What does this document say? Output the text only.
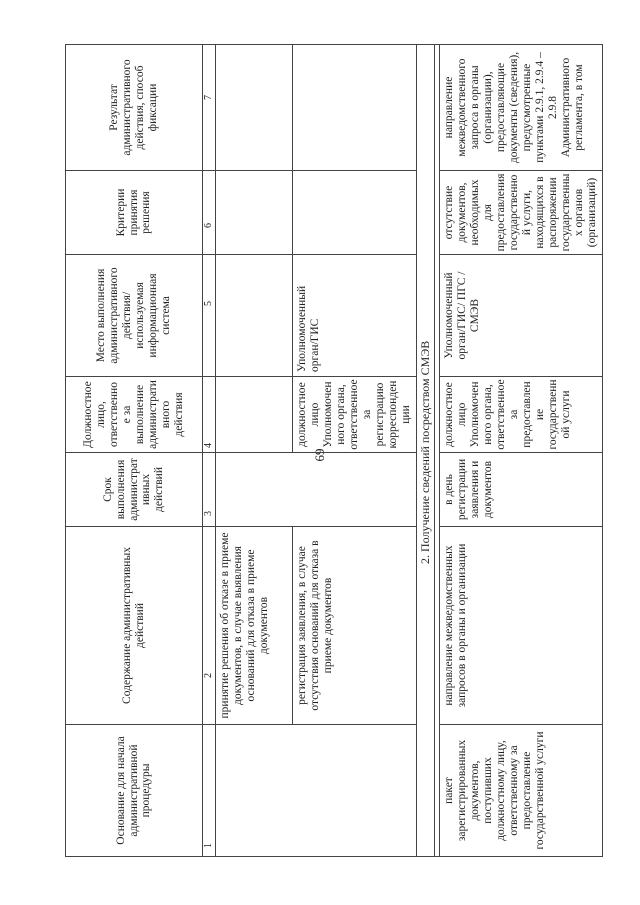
69
Основание для начала административной процедуры	Содержание административных действий	Срок выполнения административных действий	Должностное лицо, ответственное за выполнение административного действия	Место выполнения административного действия/ используемая информационная система	Критерии принятия решения	Результат административного действия, способ фиксации
1	2	3	4	5	6	7
	принятие решения об отказе в приеме документов, в случае выявления оснований для отказа в приеме документов					
	регистрация заявления, в случае отсутствия оснований для отказа в приеме документов		должностное лицо Уполномоченного органа, ответственное за регистрацию корреспонденции	Уполномоченный орган/ГИС		
2. Получение сведений посредством СМЭВ						

пакет зарегистрированных документов, поступивших должностному лицу, ответственному за предоставление государственной услуги	направление межведомственных запросов в органы и организации	в день регистрации заявления и документов	должностное лицо Уполномоченного органа, ответственное за предоставление государственной услуги	Уполномоченный орган/ГИС/ ПГС / СМЭВ	отсутствие документов, необходимых для предоставления государственной услуги, находящихся в распоряжении государственных органов (организаций)	направление межведомственного запроса в органы (организации), предоставляющие документы (сведения), предусмотренные пунктами 2.9.1, 2.9.4 – 2.9.8 Административного регламента, в том
